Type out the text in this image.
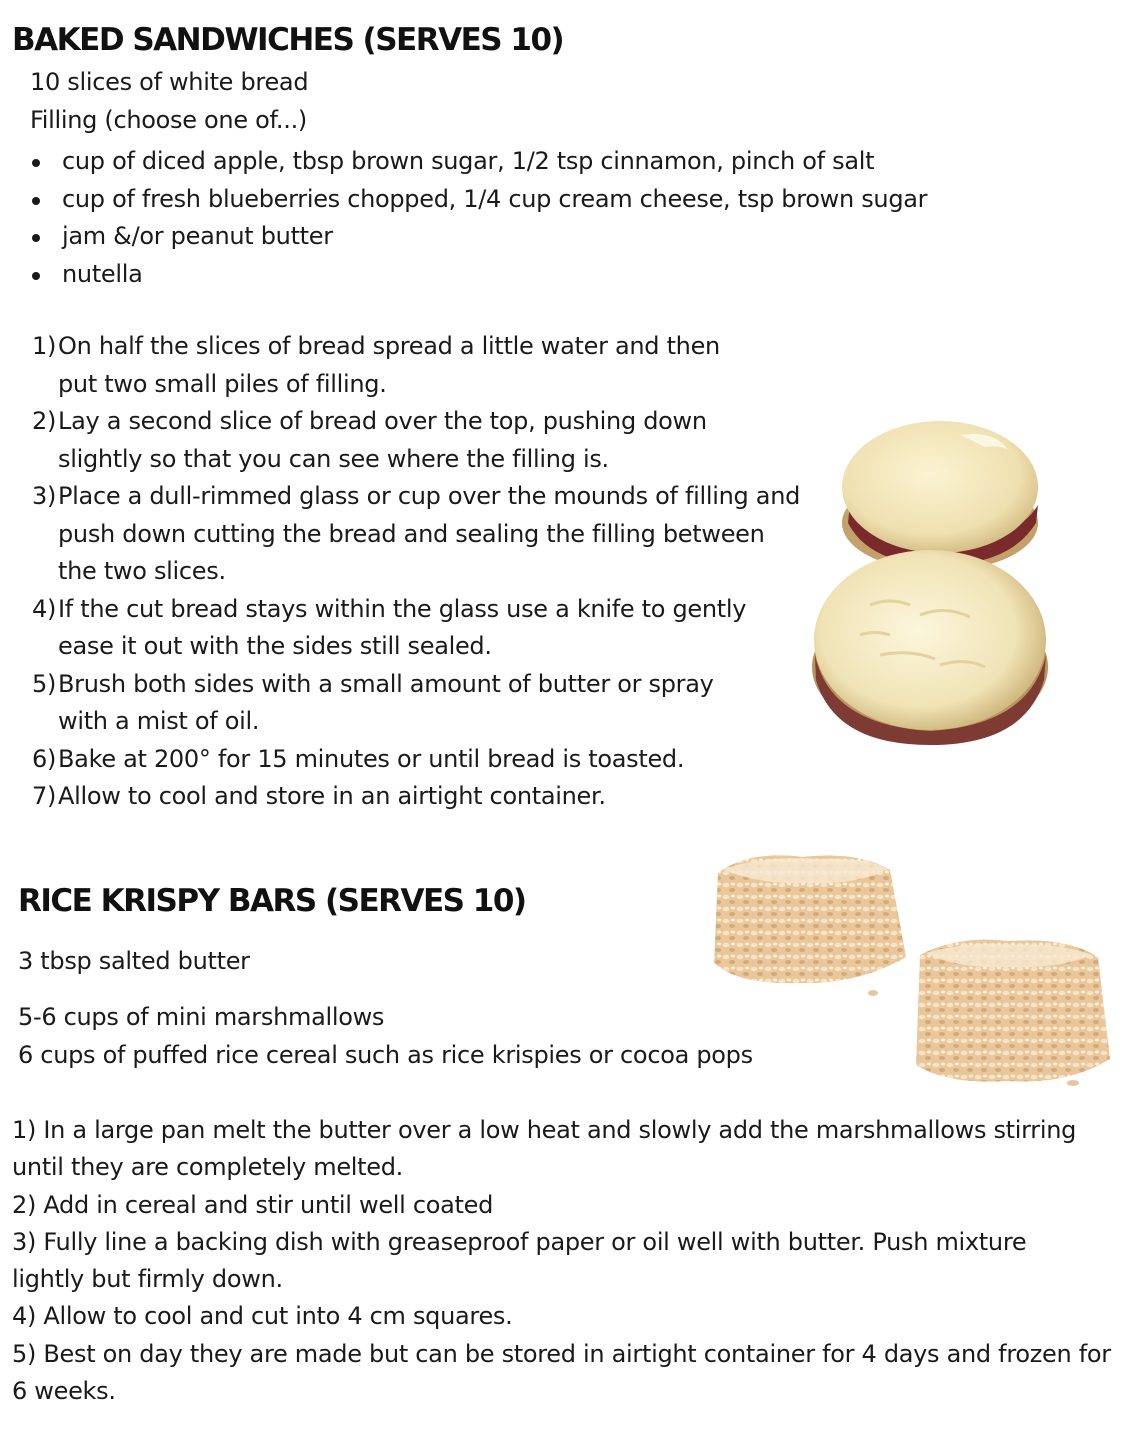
BAKED SANDWICHES (SERVES 10)
10 slices of white bread
Filling (choose one of...)
cup of diced apple, tbsp brown sugar, 1/2 tsp cinnamon, pinch of salt
cup of fresh blueberries chopped, 1/4 cup cream cheese, tsp brown sugar
jam &/or peanut butter
nutella
1) On half the slices of bread spread a little water and then put two small piles of filling.
2) Lay a second slice of bread over the top, pushing down slightly so that you can see where the filling is.
3) Place a dull-rimmed glass or cup over the mounds of filling and push down cutting the bread and sealing the filling between the two slices.
4) If the cut bread stays within the glass use a knife to gently ease it out with the sides still sealed.
5) Brush both sides with a small amount of butter or spray with a mist of oil.
6) Bake at 200° for 15 minutes or until bread is toasted.
7) Allow to cool and store in an airtight container.
RICE KRISPY BARS (SERVES 10)
3 tbsp salted butter
5-6 cups of mini marshmallows
6 cups of puffed rice cereal such as rice krispies or cocoa pops

1) In a large pan melt the butter over a low heat and slowly add the marshmallows stirring until they are completely melted.

2) Add in cereal and stir until well coated

3) Fully line a backing dish with greaseproof paper or oil well with butter. Push mixture lightly but firmly down.

4) Allow to cool and cut into 4 cm squares.

5) Best on day they are made but can be stored in airtight container for 4 days and frozen for 6 weeks.
